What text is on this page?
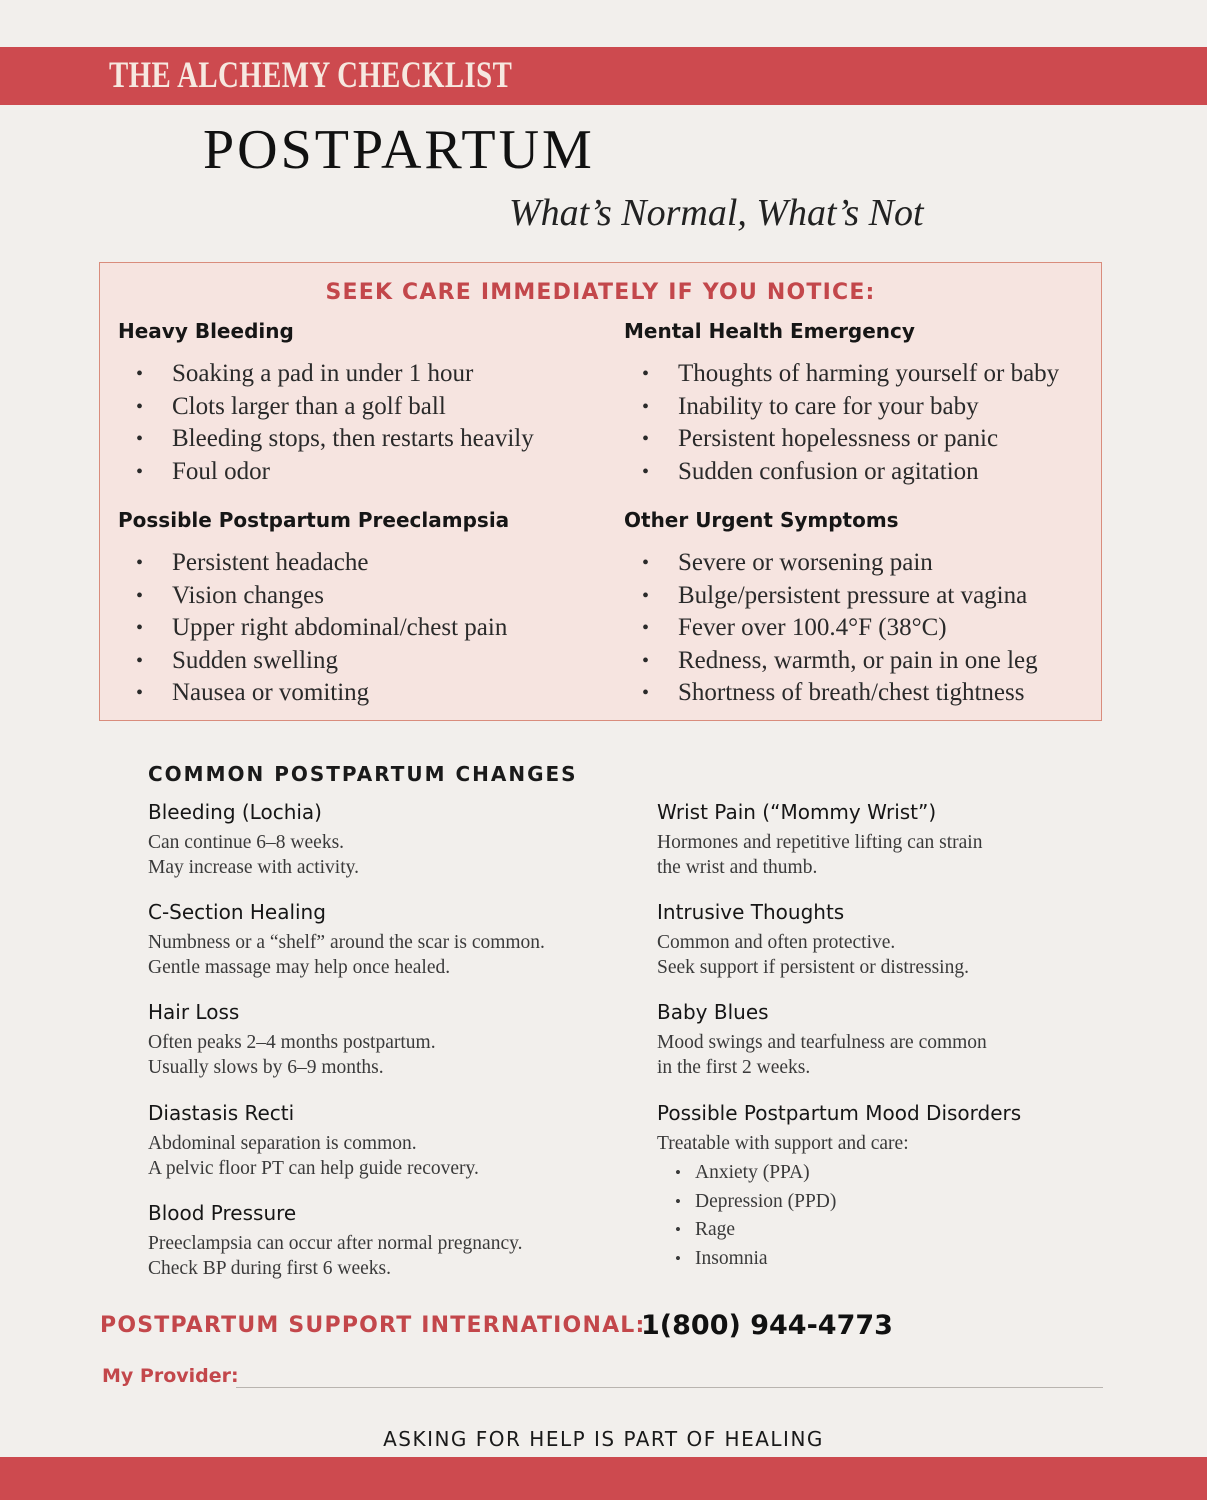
THE ALCHEMY CHECKLIST
POSTPARTUM

What’s Normal, What’s Not

SEEK CARE IMMEDIATELY IF YOU NOTICE:
Heavy Bleeding
• Soaking a pad in under 1 hour
• Clots larger than a golf ball
• Bleeding stops, then restarts heavily
• Foul odor
Mental Health Emergency
• Thoughts of harming yourself or baby
• Inability to care for your baby
• Persistent hopelessness or panic
• Sudden confusion or agitation
Possible Postpartum Preeclampsia
• Persistent headache
• Vision changes
• Upper right abdominal/chest pain
• Sudden swelling
• Nausea or vomiting
Other Urgent Symptoms
• Severe or worsening pain
• Bulge/persistent pressure at vagina
• Fever over 100.4°F (38°C)
• Redness, warmth, or pain in one leg
• Shortness of breath/chest tightness
COMMON POSTPARTUM CHANGES
Bleeding (Lochia)

Can continue 6–8 weeks.
May increase with activity.

C-Section Healing

Numbness or a “shelf” around the scar is common.
Gentle massage may help once healed.

Hair Loss

Often peaks 2–4 months postpartum.
Usually slows by 6–9 months.

Diastasis Recti

Abdominal separation is common.
A pelvic floor PT can help guide recovery.

Blood Pressure

Preeclampsia can occur after normal pregnancy.
Check BP during first 6 weeks.

Wrist Pain (“Mommy Wrist”)

Hormones and repetitive lifting can strain
the wrist and thumb.

Intrusive Thoughts

Common and often protective.
Seek support if persistent or distressing.

Baby Blues

Mood swings and tearfulness are common
in the first 2 weeks.

Possible Postpartum Mood Disorders

Treatable with support and care:

• Anxiety (PPA)
• Depression (PPD)
• Rage
• Insomnia

POSTPARTUM SUPPORT INTERNATIONAL:

1(800) 944-4773

My Provider:

ASKING FOR HELP IS PART OF HEALING
